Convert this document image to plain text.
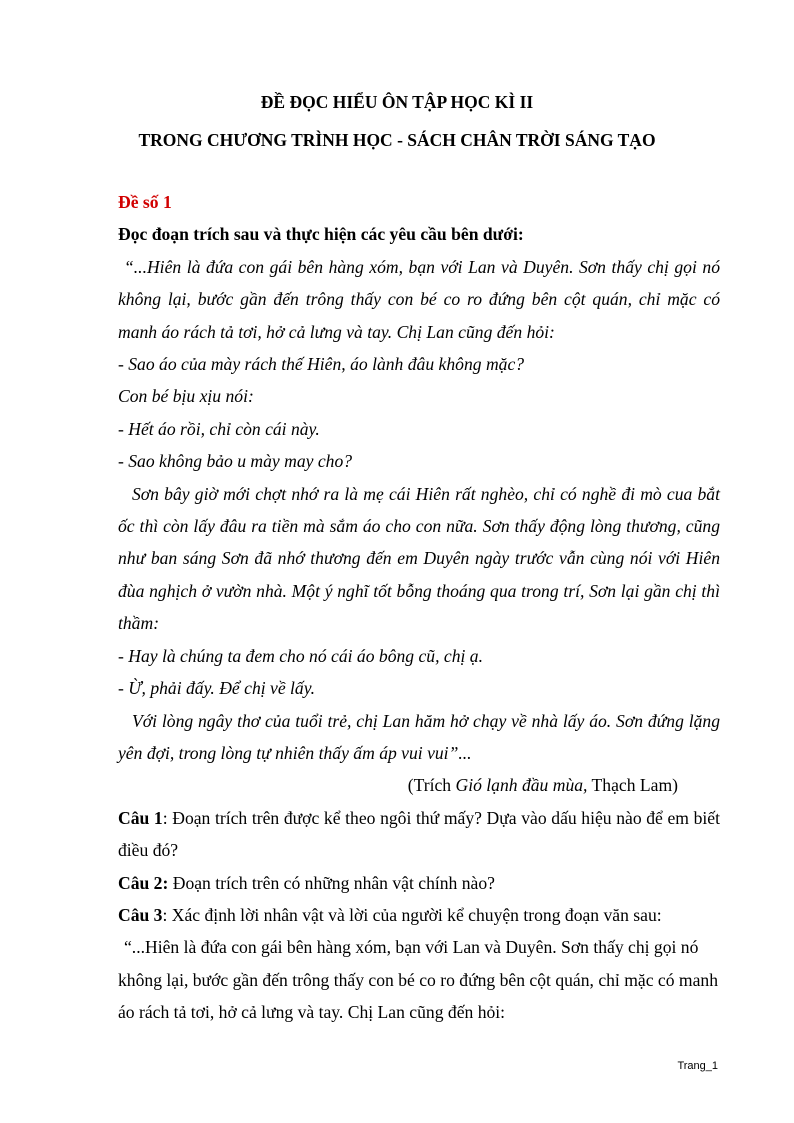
ĐỀ ĐỌC HIỂU ÔN TẬP HỌC KÌ II
TRONG CHƯƠNG TRÌNH HỌC - SÁCH CHÂN TRỜI SÁNG TẠO

Đề số 1

Đọc đoạn trích sau và thực hiện các yêu cầu bên dưới:

“...Hiên là đứa con gái bên hàng xóm, bạn với Lan và Duyên. Sơn thấy chị gọi nó không lại, bước gần đến trông thấy con bé co ro đứng bên cột quán, chỉ mặc có manh áo rách tả tơi, hở cả lưng và tay. Chị Lan cũng đến hỏi:

- Sao áo của mày rách thế Hiên, áo lành đâu không mặc?

Con bé bịu xịu nói:

- Hết áo rồi, chỉ còn cái này.

- Sao không bảo u mày may cho?

Sơn bây giờ mới chợt nhớ ra là mẹ cái Hiên rất nghèo, chỉ có nghề đi mò cua bắt ốc thì còn lấy đâu ra tiền mà sắm áo cho con nữa. Sơn thấy động lòng thương, cũng như ban sáng Sơn đã nhớ thương đến em Duyên ngày trước vẫn cùng nói với Hiên đùa nghịch ở vườn nhà. Một ý nghĩ tốt bỗng thoáng qua trong trí, Sơn lại gần chị thì thầm:

- Hay là chúng ta đem cho nó cái áo bông cũ, chị ạ.

- Ừ, phải đấy. Để chị về lấy.

Với lòng ngây thơ của tuổi trẻ, chị Lan hăm hở chạy về nhà lấy áo. Sơn đứng lặng yên đợi, trong lòng tự nhiên thấy ấm áp vui vui”...

(Trích Gió lạnh đầu mùa, Thạch Lam)

Câu 1: Đoạn trích trên được kể theo ngôi thứ mấy? Dựa vào dấu hiệu nào để em biết điều đó?

Câu 2: Đoạn trích trên có những nhân vật chính nào?

Câu 3: Xác định lời nhân vật và lời của người kể chuyện trong đoạn văn sau:

“...Hiên là đứa con gái bên hàng xóm, bạn với Lan và Duyên. Sơn thấy chị gọi nó không lại, bước gần đến trông thấy con bé co ro đứng bên cột quán, chỉ mặc có manh áo rách tả tơi, hở cả lưng và tay. Chị Lan cũng đến hỏi:

Trang_1
